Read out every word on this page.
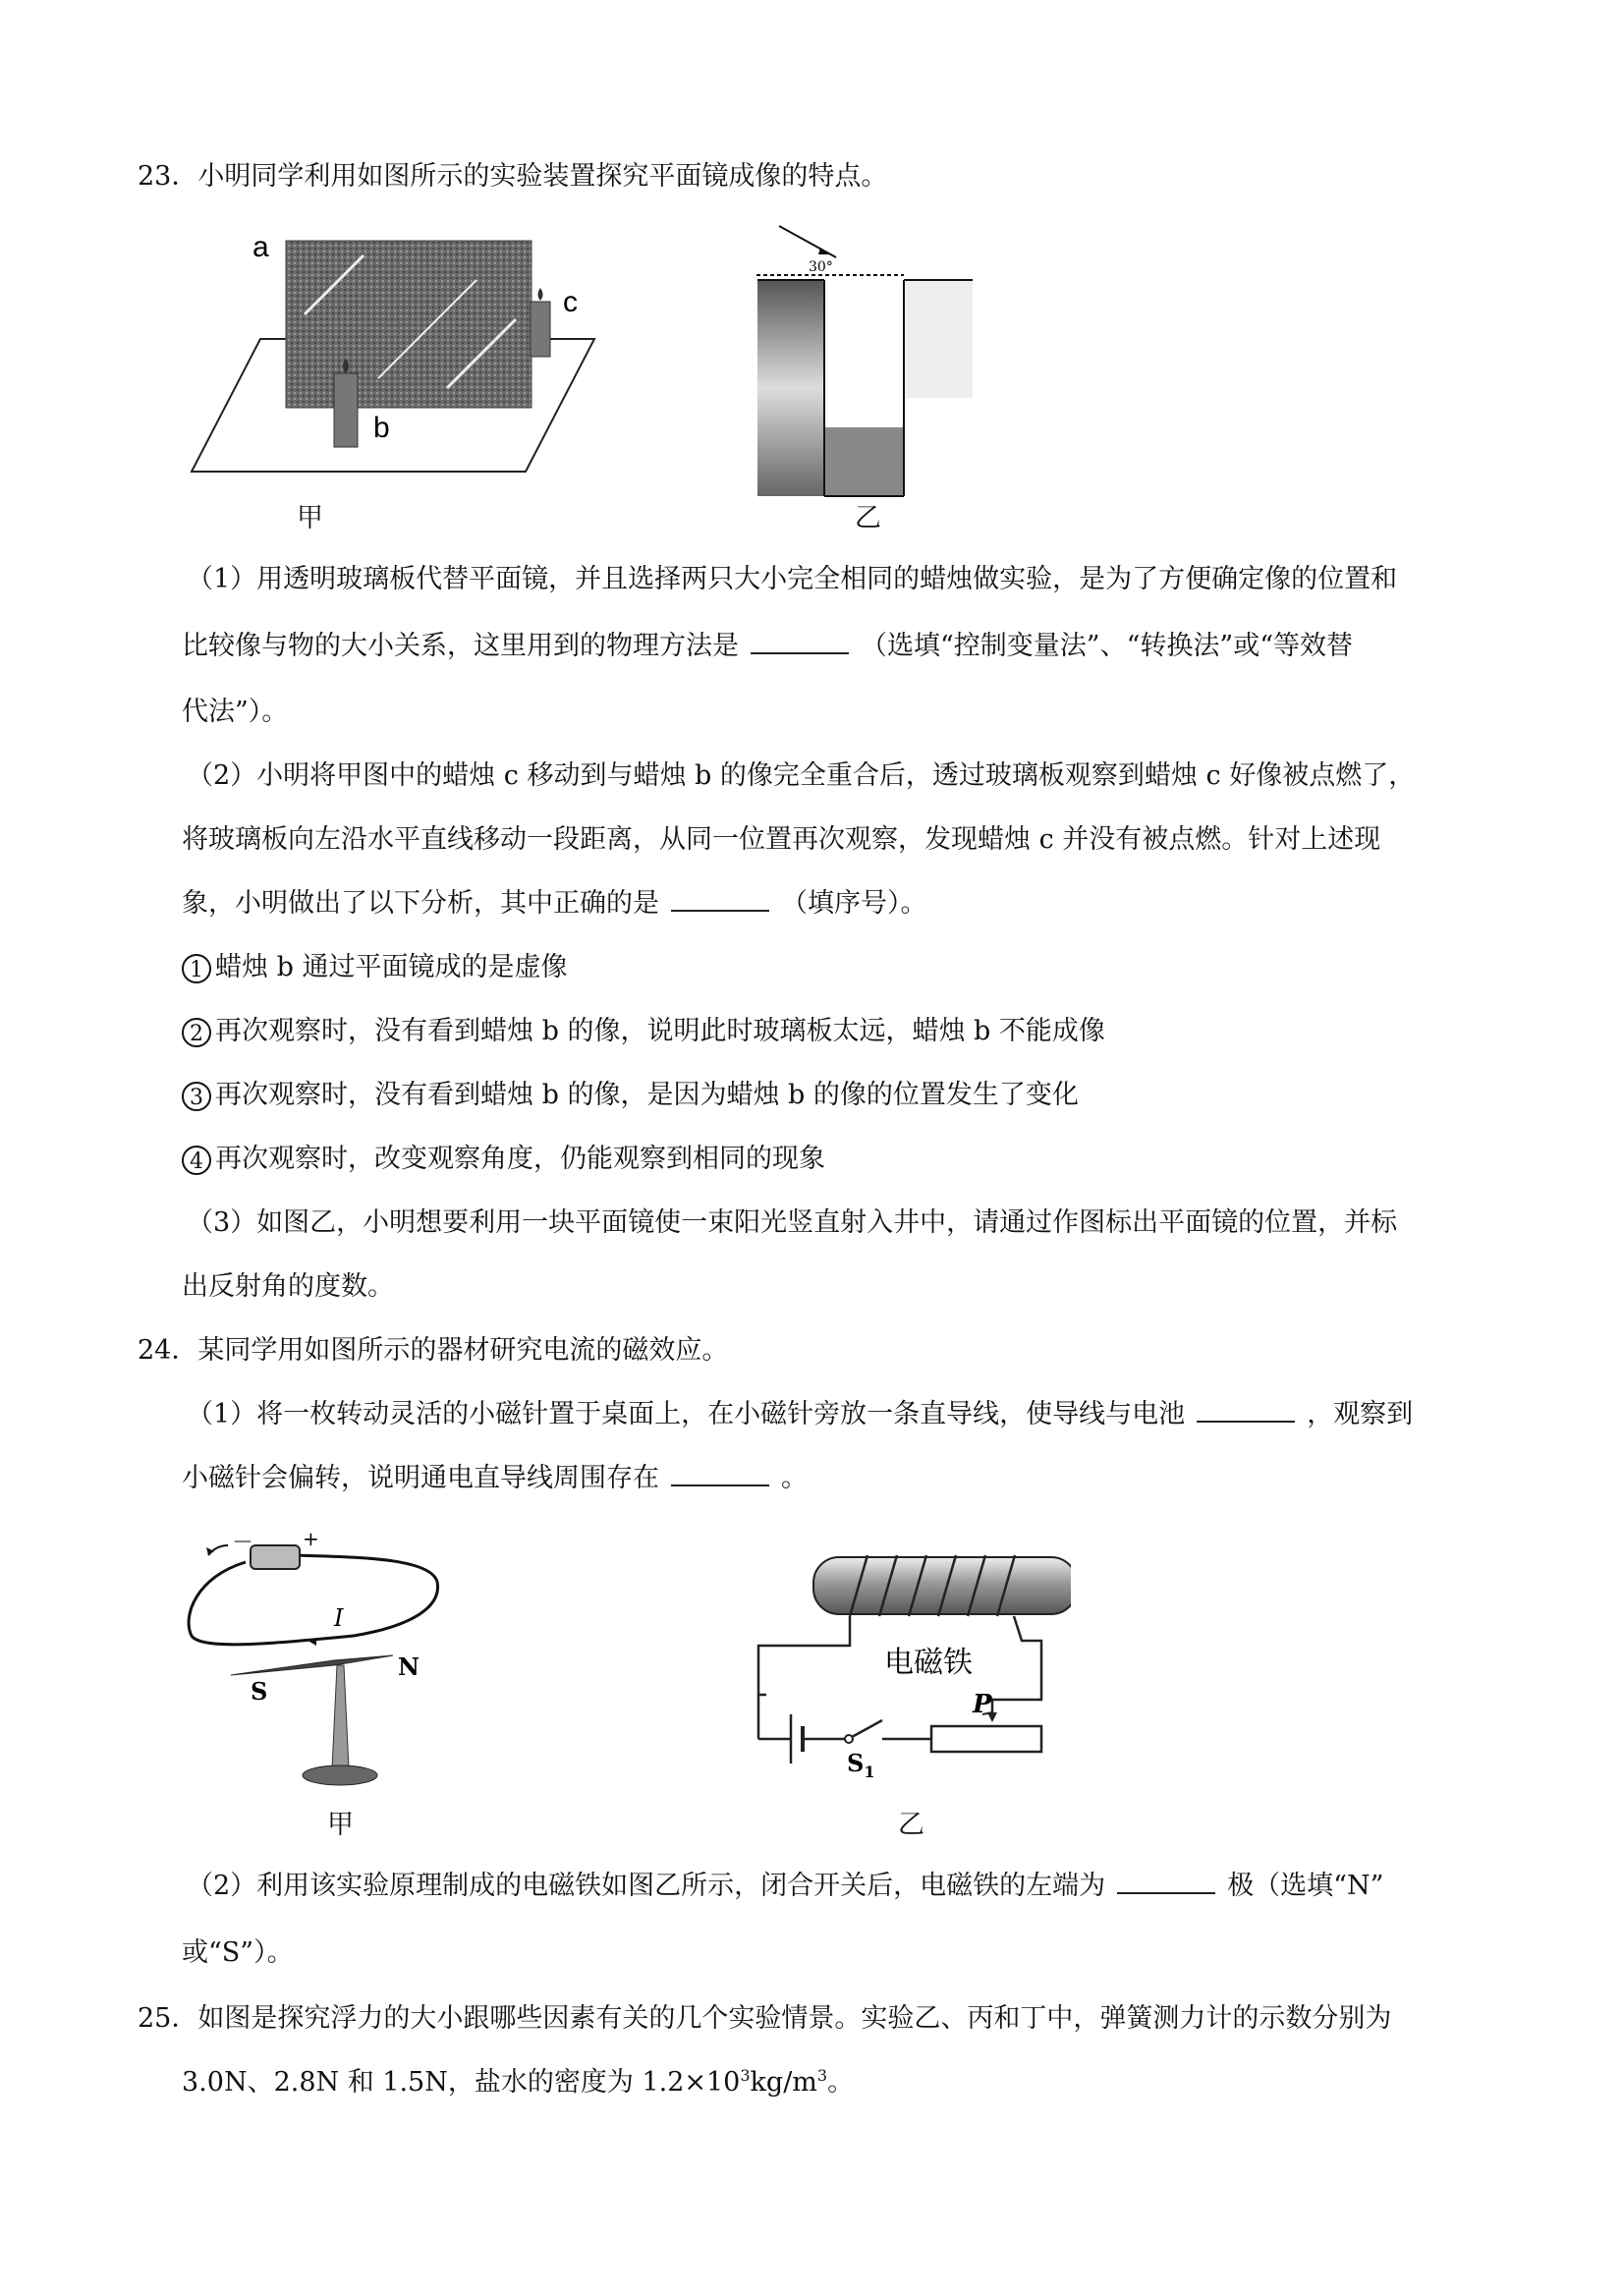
23．小明同学利用如图所示的实验装置探究平面镜成像的特点。
a
b
c
甲
30°
乙
（1）用透明玻璃板代替平面镜，并且选择两只大小完全相同的蜡烛做实验，是为了方便确定像的位置和
比较像与物的大小关系，这里用到的物理方法是	（选填“控制变量法”、“转换法”或“等效替
代法”）。
（2）小明将甲图中的蜡烛 c 移动到与蜡烛 b 的像完全重合后，透过玻璃板观察到蜡烛 c 好像被点燃了，
将玻璃板向左沿水平直线移动一段距离，从同一位置再次观察，发现蜡烛 c 并没有被点燃。针对上述现
象，小明做出了以下分析，其中正确的是	（填序号）。
1 蜡烛 b 通过平面镜成的是虚像
2 再次观察时，没有看到蜡烛 b 的像，说明此时玻璃板太远，蜡烛 b 不能成像
3 再次观察时，没有看到蜡烛 b 的像，是因为蜡烛 b 的像的位置发生了变化
4 再次观察时，改变观察角度，仍能观察到相同的现象
（3）如图乙，小明想要利用一块平面镜使一束阳光竖直射入井中，请通过作图标出平面镜的位置，并标
出反射角的度数。
24．某同学用如图所示的器材研究电流的磁效应。
（1）将一枚转动灵活的小磁针置于桌面上，在小磁针旁放一条直导线，使导线与电池	，观察到
小磁针会偏转，说明通电直导线周围存在	。
－ +
I
S
N
甲
P
$S_1$
电磁铁
乙
（2）利用该实验原理制成的电磁铁如图乙所示，闭合开关后，电磁铁的左端为	极（选填“N”
或“S”）。
25．如图是探究浮力的大小跟哪些因素有关的几个实验情景。实验乙、丙和丁中，弹簧测力计的示数分别为
3.0N、2.8N 和 1.5N，盐水的密度为 $1.2\times 10^3kg/m^3$。
